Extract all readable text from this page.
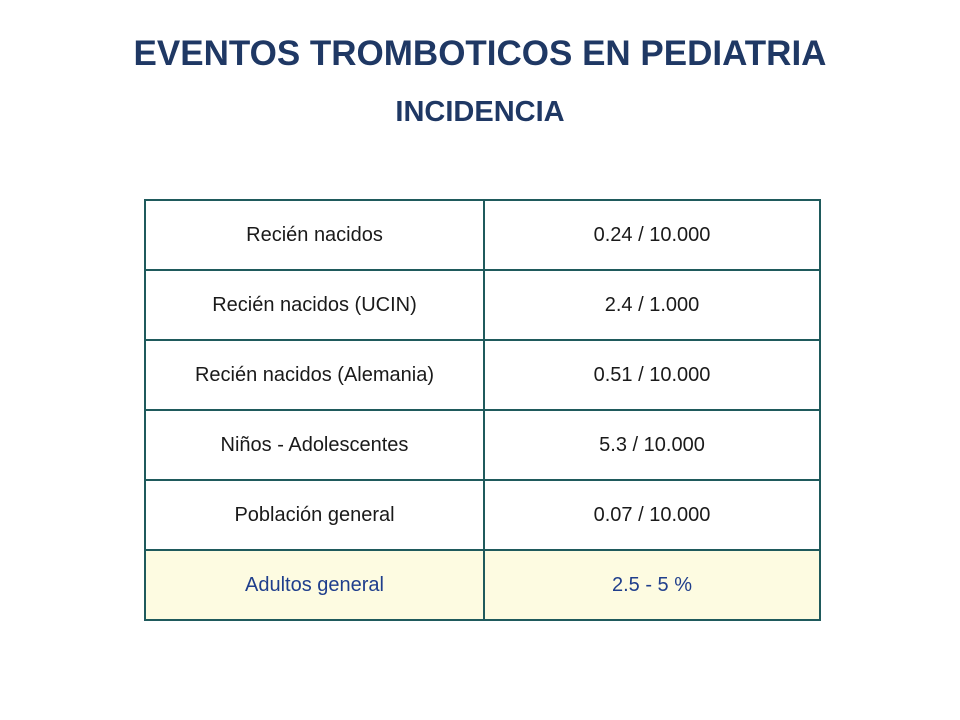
EVENTOS TROMBOTICOS EN PEDIATRIA
INCIDENCIA
Recién nacidos	0.24 / 10.000
Recién nacidos (UCIN)	2.4 / 1.000
Recién nacidos (Alemania)	0.51 / 10.000
Niños - Adolescentes	5.3 / 10.000
Población general	0.07 / 10.000
Adultos general	2.5 - 5 %
